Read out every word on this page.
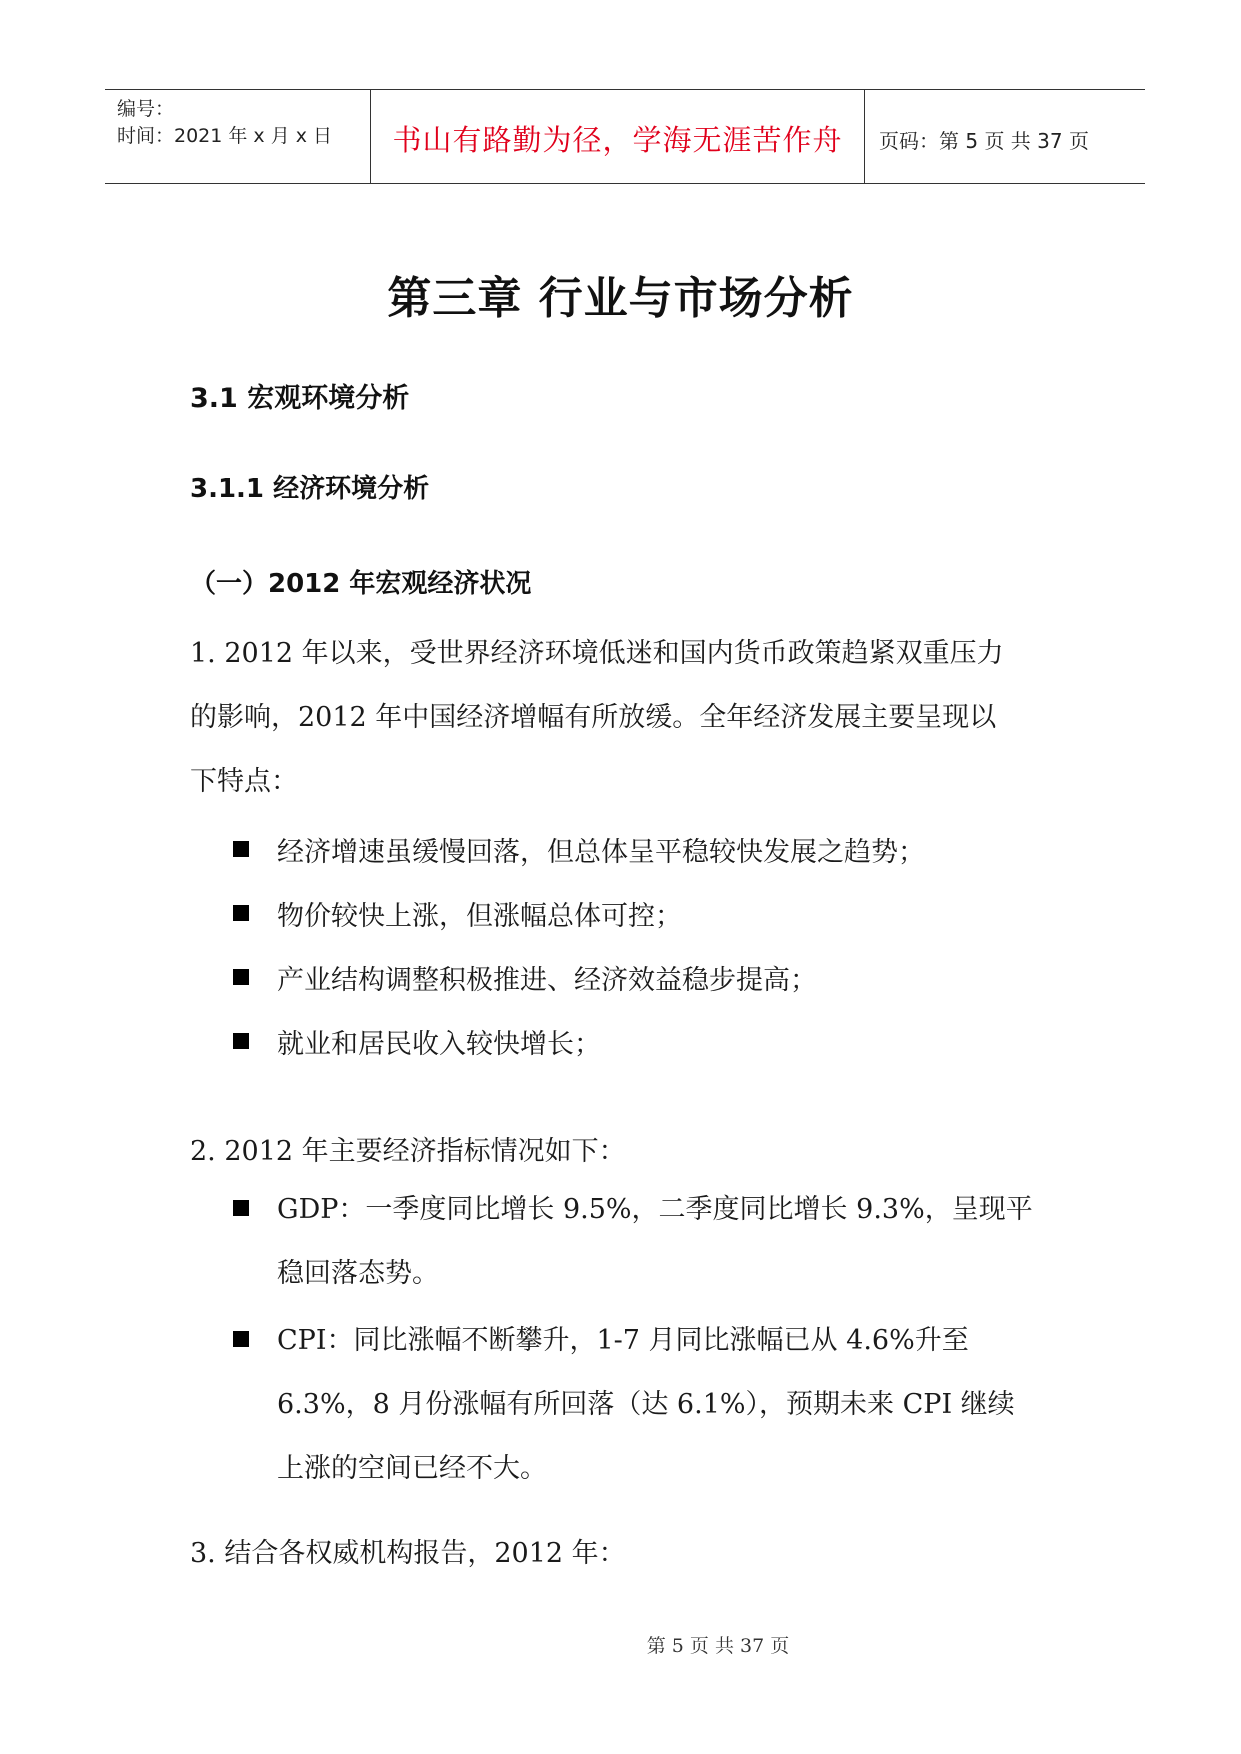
编号：
时间：2021 年 x 月 x 日	书山有路勤为径，学海无涯苦作舟	页码：第 5 页 共 37 页
第三章 行业与市场分析
3.1 宏观环境分析
3.1.1 经济环境分析
（一）2012 年宏观经济状况
1. 2012 年以来，受世界经济环境低迷和国内货币政策趋紧双重压力
的影响，2012 年中国经济增幅有所放缓。全年经济发展主要呈现以
下特点：
经济增速虽缓慢回落，但总体呈平稳较快发展之趋势；
物价较快上涨，但涨幅总体可控；
产业结构调整积极推进、经济效益稳步提高；
就业和居民收入较快增长；
2. 2012 年主要经济指标情况如下：
GDP：一季度同比增长 9.5%，二季度同比增长 9.3%，呈现平
稳回落态势。
CPI：同比涨幅不断攀升，1-7 月同比涨幅已从 4.6%升至
6.3%，8 月份涨幅有所回落（达 6.1%），预期未来 CPI 继续
上涨的空间已经不大。
3. 结合各权威机构报告，2012 年：
第 5 页 共 37 页
